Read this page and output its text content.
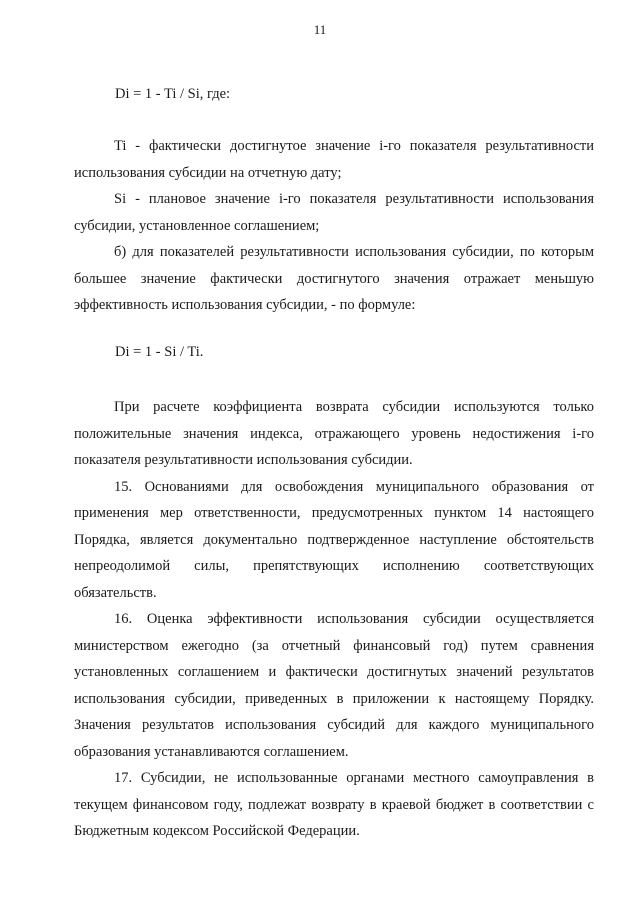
11
Di = 1 - Ti / Si, где:

Ti - фактически достигнутое значение i-го показателя результативности использования субсидии на отчетную дату;

Si - плановое значение i-го показателя результативности использования субсидии, установленное соглашением;

б) для показателей результативности использования субсидии, по которым большее значение фактически достигнутого значения отражает меньшую эффективность использования субсидии, - по формуле:

Di = 1 - Si / Ti.

При расчете коэффициента возврата субсидии используются только положительные значения индекса, отражающего уровень недостижения i-го показателя результативности использования субсидии.

15. Основаниями для освобождения муниципального образования от применения мер ответственности, предусмотренных пунктом 14 настоящего Порядка, является документально подтвержденное наступление обстоятельств непреодолимой силы, препятствующих исполнению соответствующих обязательств.

16. Оценка эффективности использования субсидии осуществляется министерством ежегодно (за отчетный финансовый год) путем сравнения установленных соглашением и фактически достигнутых значений результатов использования субсидии, приведенных в приложении к настоящему Порядку. Значения результатов использования субсидий для каждого муниципального образования устанавливаются соглашением.

17. Субсидии, не использованные органами местного самоуправления в текущем финансовом году, подлежат возврату в краевой бюджет в соответствии с Бюджетным кодексом Российской Федерации.
